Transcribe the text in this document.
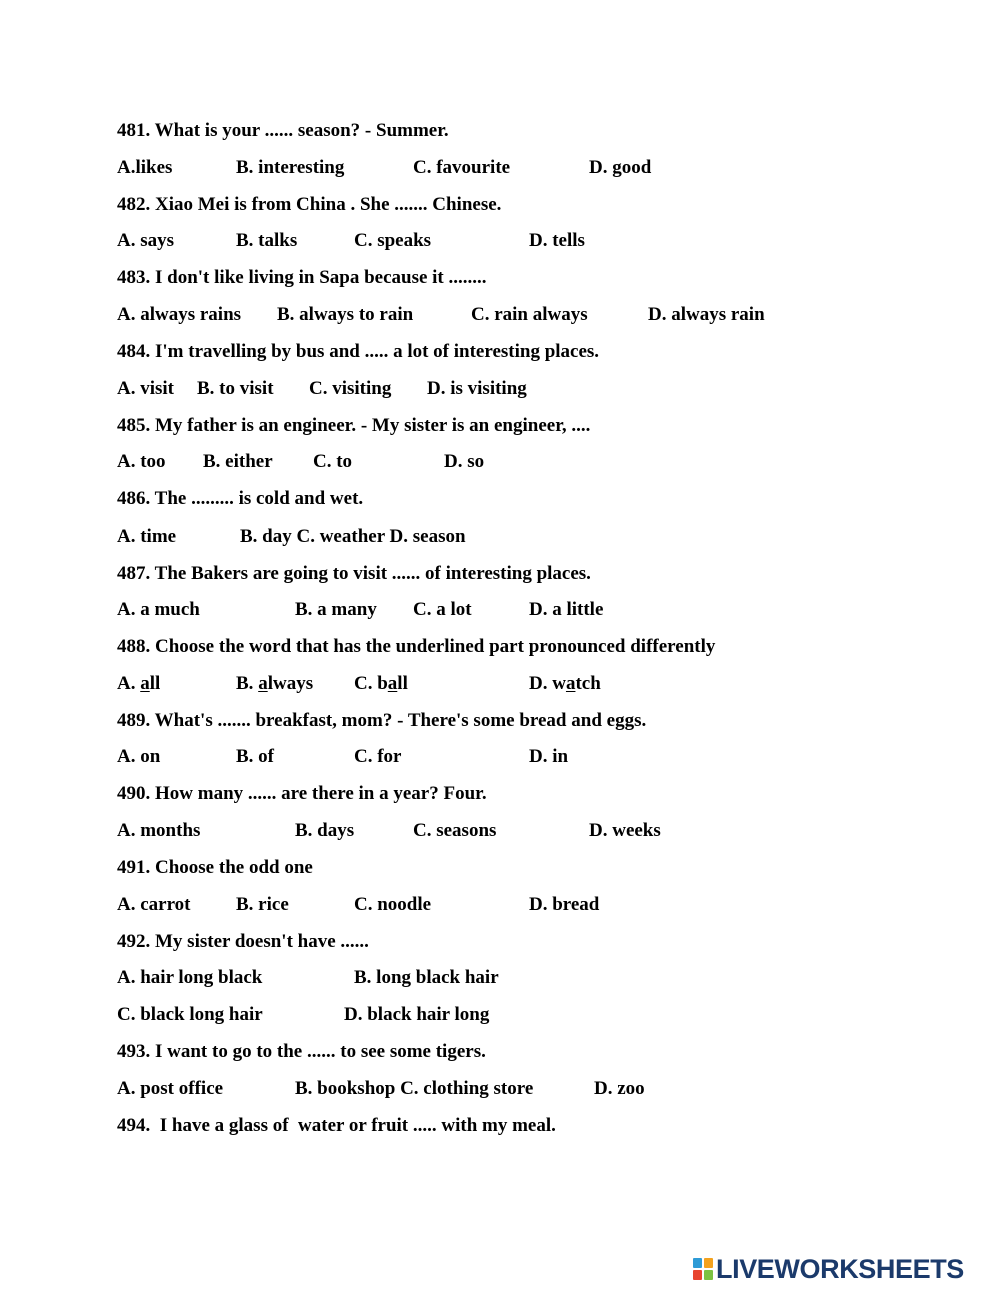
481. What is your ...... season? - Summer.
A.likes	B. interesting	C. favourite	D. good
482. Xiao Mei is from China . She ....... Chinese.
A. says	B. talks	C. speaks	D. tells
483. I don't like living in Sapa because it ........
A. always rains B. always to rain	C. rain always	D. always rain
484. I'm travelling by bus and ..... a lot of interesting places.
A. visit B. to visit C. visiting D. is visiting
485. My father is an engineer. - My sister is an engineer, ....
A. too B. either C. to	D. so
486. The ......... is cold and wet.
A. time	B. day C. weather D. season
487. The Bakers are going to visit ...... of interesting places.
A. a much	B. a many C. a lot	D. a little
488. Choose the word that has the underlined part pronounced differently
A. all	B. always C. ball	D. watch
489. What's ....... breakfast, mom? - There's some bread and eggs.
A. on	B. of	C. for	D. in
490. How many ...... are there in a year? Four.
A. months	B. days	C. seasons	D. weeks
491. Choose the odd one
A. carrot B. rice	C. noodle	D. bread
492. My sister doesn't have ......
A. hair long black	B. long black hair
C. black long hair	D. black hair long
493. I want to go to the ...... to see some tigers.
A. post office	B. bookshop C. clothing store	D. zoo
494.  I have a glass of  water or fruit ..... with my meal.
LIVEWORKSHEETS
